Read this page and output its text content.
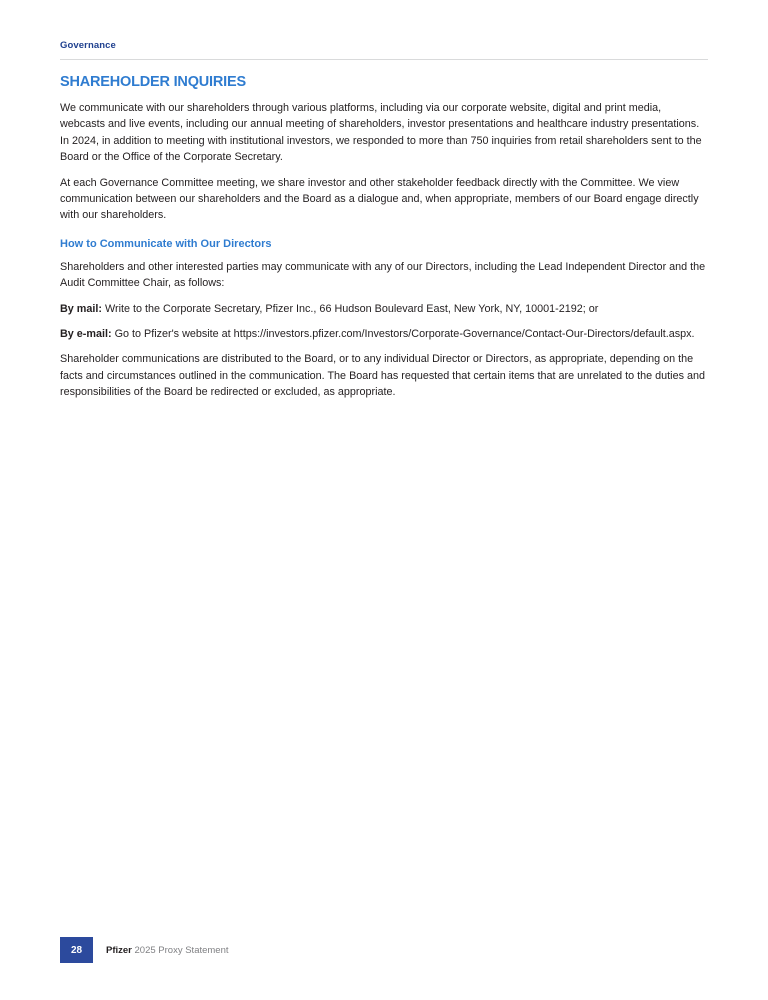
Governance
SHAREHOLDER INQUIRIES

We communicate with our shareholders through various platforms, including via our corporate website, digital and print media, webcasts and live events, including our annual meeting of shareholders, investor presentations and healthcare industry presentations. In 2024, in addition to meeting with institutional investors, we responded to more than 750 inquiries from retail shareholders sent to the Board or the Office of the Corporate Secretary.

At each Governance Committee meeting, we share investor and other stakeholder feedback directly with the Committee. We view communication between our shareholders and the Board as a dialogue and, when appropriate, members of our Board engage directly with our shareholders.

How to Communicate with Our Directors

Shareholders and other interested parties may communicate with any of our Directors, including the Lead Independent Director and the Audit Committee Chair, as follows:

By mail: Write to the Corporate Secretary, Pfizer Inc., 66 Hudson Boulevard East, New York, NY, 10001-2192; or

By e-mail: Go to Pfizer's website at https://investors.pfizer.com/Investors/Corporate-Governance/Contact-Our-Directors/default.aspx.

Shareholder communications are distributed to the Board, or to any individual Director or Directors, as appropriate, depending on the facts and circumstances outlined in the communication. The Board has requested that certain items that are unrelated to the duties and responsibilities of the Board be redirected or excluded, as appropriate.

28	Pfizer 2025 Proxy Statement
